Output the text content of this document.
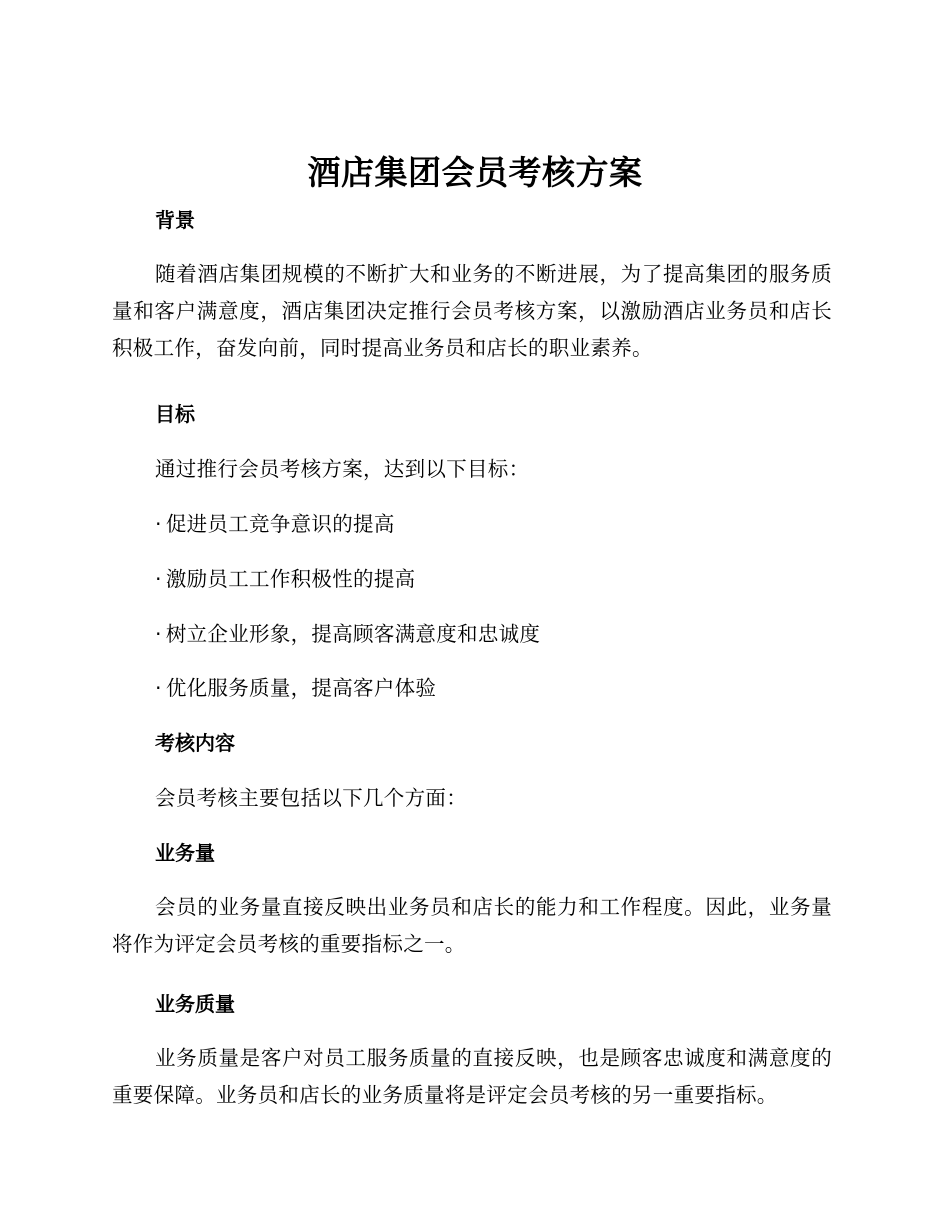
酒店集团会员考核方案
背景

随着酒店集团规模的不断扩大和业务的不断进展，为了提高集团的服务质量和客户满意度，酒店集团决定推行会员考核方案，以激励酒店业务员和店长积极工作，奋发向前，同时提高业务员和店长的职业素养。

目标
通过推行会员考核方案，达到以下目标：
· 促进员工竞争意识的提高
· 激励员工工作积极性的提高
· 树立企业形象，提高顾客满意度和忠诚度
· 优化服务质量，提高客户体验
考核内容
会员考核主要包括以下几个方面：
业务量

会员的业务量直接反映出业务员和店长的能力和工作程度。因此，业务量将作为评定会员考核的重要指标之一。

业务质量

业务质量是客户对员工服务质量的直接反映，也是顾客忠诚度和满意度的重要保障。业务员和店长的业务质量将是评定会员考核的另一重要指标。
